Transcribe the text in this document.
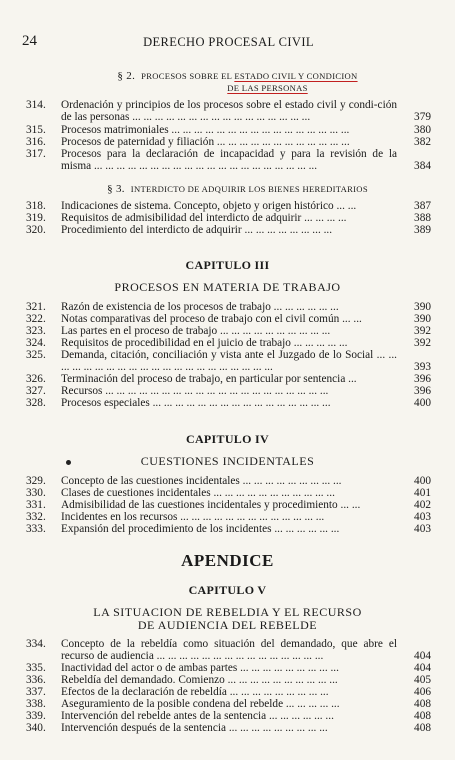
24	DERECHO PROCESAL CIVIL
§ 2. PROCESOS SOBRE EL ESTADO CIVIL Y CONDICION
DE LAS PERSONAS
314.	Ordenación y principios de los procesos sobre el estado civil y condi-ción de las personas ... ... ... ... ... ... ... ... ... ... ... ... ... ... ... ...	379
315.	Procesos matrimoniales ... ... ... ... ... ... ... ... ... ... ... ... ... ... ... ...	380
316.	Procesos de paternidad y filiación ... ... ... ... ... ... ... ... ... ... ... ...	382
317.	Procesos para la declaración de incapacidad y para la revisión de la misma ... ... ... ... ... ... ... ... ... ... ... ... ... ... ... ... ... ... ... ...	384
§ 3. INTERDICTO DE ADQUIRIR LOS BIENES HEREDITARIOS
318.	Indicaciones de sistema. Concepto, objeto y origen histórico ... ...	387
319.	Requisitos de admisibilidad del interdicto de adquirir ... ... ... ...	388
320.	Procedimiento del interdicto de adquirir ... ... ... ... ... ... ... ...	389
CAPITULO III
PROCESOS EN MATERIA DE TRABAJO
321.	Razón de existencia de los procesos de trabajo ... ... ... ... ... ...	390
322.	Notas comparativas del proceso de trabajo con el civil común ... ...	390
323.	Las partes en el proceso de trabajo ... ... ... ... ... ... ... ... ... ...	392
324.	Requisitos de procedibilidad en el juicio de trabajo ... ... ... ... ...	392
325.	Demanda, citación, conciliación y vista ante el Juzgado de lo Social ... ... ... ... ... ... ... ... ... ... ... ... ... ... ... ... ... ... ... ... ...	393
326.	Terminación del proceso de trabajo, en particular por sentencia ...	396
327.	Recursos ... ... ... ... ... ... ... ... ... ... ... ... ... ... ... ... ... ... ... ...	396
328.	Procesos especiales ... ... ... ... ... ... ... ... ... ... ... ... ... ... ... ...	400
CAPITULO IV
CUESTIONES INCIDENTALES
329.	Concepto de las cuestiones incidentales ... ... ... ... ... ... ... ... ...	400
330.	Clases de cuestiones incidentales ... ... ... ... ... ... ... ... ... ... ...	401
331.	Admisibilidad de las cuestiones incidentales y procedimiento ... ...	402
332.	Incidentes en los recursos ... ... ... ... ... ... ... ... ... ... ... ... ...	403
333.	Expansión del procedimiento de los incidentes ... ... ... ... ... ...	403
APENDICE
CAPITULO V
LA SITUACION DE REBELDIA Y EL RECURSO
DE AUDIENCIA DEL REBELDE
334.	Concepto de la rebeldía como situación del demandado, que abre el recurso de audiencia ... ... ... ... ... ... ... ... ... ... ... ... ... ... ...	404
335.	Inactividad del actor o de ambas partes ... ... ... ... ... ... ... ... ...	404
336.	Rebeldía del demandado. Comienzo ... ... ... ... ... ... ... ... ... ...	405
337.	Efectos de la declaración de rebeldía ... ... ... ... ... ... ... ... ...	406
338.	Aseguramiento de la posible condena del rebelde ... ... ... ... ...	408
339.	Intervención del rebelde antes de la sentencia ... ... ... ... ... ...	408
340.	Intervención después de la sentencia ... ... ... ... ... ... ... ... ...	408
